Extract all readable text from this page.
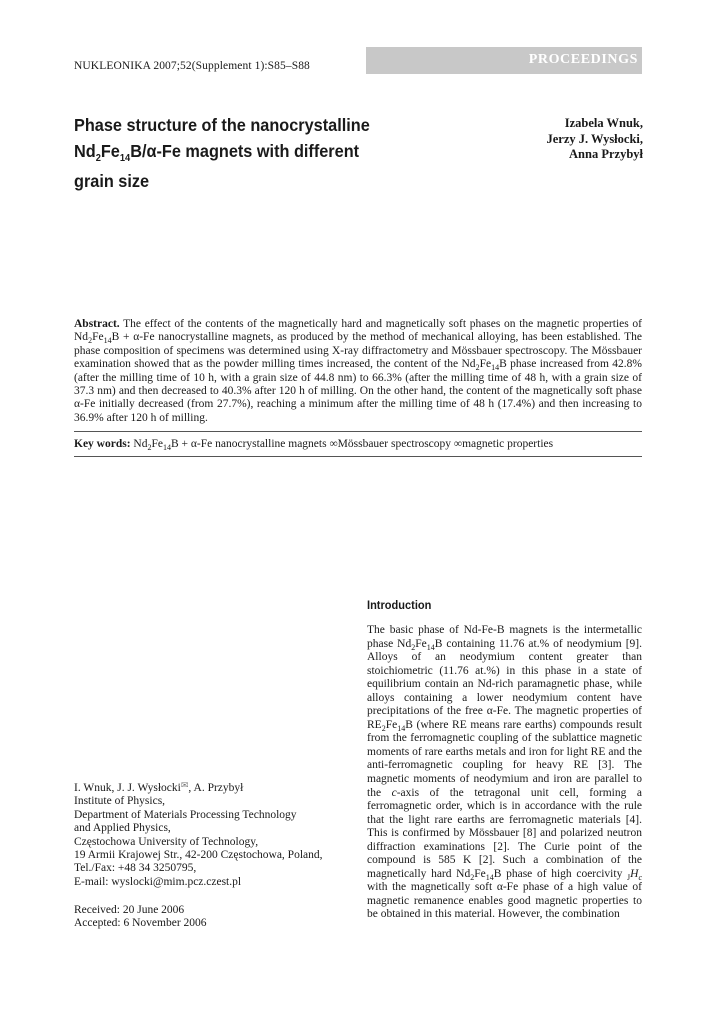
NUKLEONIKA 2007;52(Supplement 1):S85–S88	PROCEEDINGS
Phase structure of the nanocrystalline
$Nd_2Fe_{14}B/\alpha-Fe$ magnets with different
grain size
Izabela Wnuk,
Jerzy J. Wysłocki,
Anna Przybył
Abstract. The effect of the contents of the magnetically hard and magnetically soft phases on the magnetic properties of $Nd_2Fe_{14}B + \alpha-Fe$ nanocrystalline magnets, as produced by the method of mechanical alloying, has been established. The phase composition of specimens was determined using X-ray diffractometry and Mössbauer spectroscopy. The Mössbauer examination showed that as the powder milling times increased, the content of the $Nd_2Fe_{14}B$ phase increased from 42.8% (after the milling time of 10 h, with a grain size of 44.8 nm) to 66.3% (after the milling time of 48 h, with a grain size of 37.3 nm) and then decreased to 40.3% after 120 h of milling. On the other hand, the content of the magnetically soft phase α-Fe initially decreased (from 27.7%), reaching a minimum after the milling time of 48 h (17.4%) and then increasing to 36.9% after 120 h of milling.
Key words: $Nd_2Fe_{14}B + \alpha-Fe$ nanocrystalline magnets ∞Mössbauer spectroscopy ∞magnetic properties
Introduction
The basic phase of Nd-Fe-B magnets is the intermetallic phase $Nd_2Fe_{14}B$ containing 11.76 at.% of neodymium [9]. Alloys of an neodymium content greater than stoichiometric (11.76 at.%) in this phase in a state of equilibrium contain an Nd-rich paramagnetic phase, while alloys containing a lower neodymium content have precipitations of the free α-Fe. The magnetic properties of $RE_2Fe_{14}B$ (where RE means rare earths) compounds result from the ferromagnetic coupling of the sublattice magnetic moments of rare earths metals and iron for light RE and the anti-ferromagnetic coupling for heavy RE [3]. The magnetic moments of neodymium and iron are parallel to the c-axis of the tetragonal unit cell, forming a ferromagnetic order, which is in accordance with the rule that the light rare earths are ferromagnetic materials [4]. This is confirmed by Mössbauer [8] and polarized neutron diffraction examinations [2]. The Curie point of the compound is 585 K [2]. Such a combination of the magnetically hard $Nd_2Fe_{14}B$ phase of high coercivity $_JH_c$ with the magnetically soft α-Fe phase of a high value of magnetic remanence enables good magnetic properties to be obtained in this material. However, the combination
I. Wnuk, J. J. Wysłocki✉, A. Przybył
Institute of Physics,
Department of Materials Processing Technology
and Applied Physics,
Częstochowa University of Technology,
19 Armii Krajowej Str., 42-200 Częstochowa, Poland,
Tel./Fax: +48 34 3250795,
E-mail: wyslocki@mim.pcz.czest.pl
Received: 20 June 2006
Accepted: 6 November 2006
